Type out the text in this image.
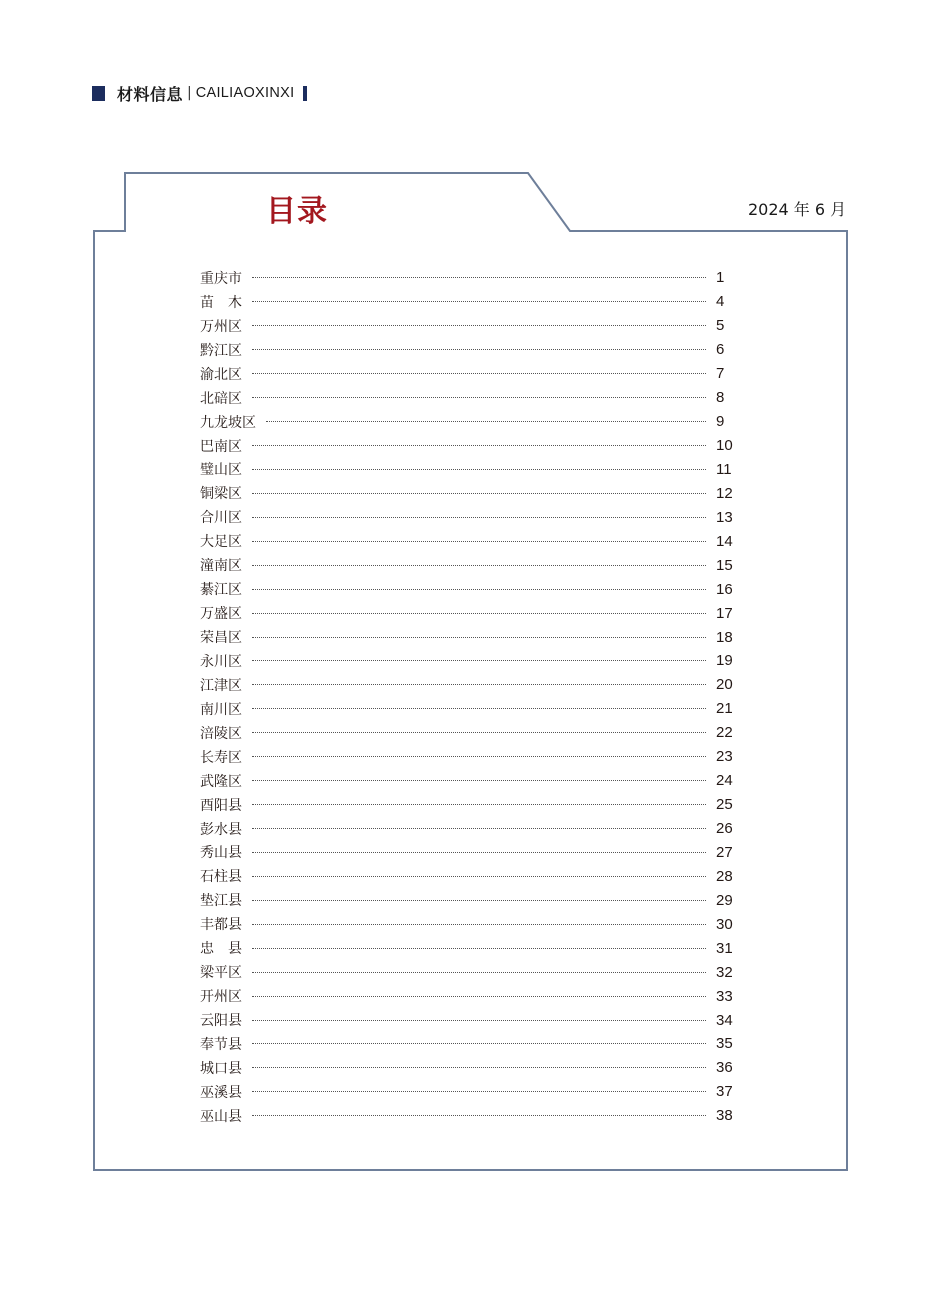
材料信息 | CAILIAOXINXI
目录	2024 年 6 月
重庆市	1
苗　木	4
万州区	5
黔江区	6
渝北区	7
北碚区	8
九龙坡区	9
巴南区	10
璧山区	11
铜梁区	12
合川区	13
大足区	14
潼南区	15
綦江区	16
万盛区	17
荣昌区	18
永川区	19
江津区	20
南川区	21
涪陵区	22
长寿区	23
武隆区	24
酉阳县	25
彭水县	26
秀山县	27
石柱县	28
垫江县	29
丰都县	30
忠　县	31
梁平区	32
开州区	33
云阳县	34
奉节县	35
城口县	36
巫溪县	37
巫山县	38
